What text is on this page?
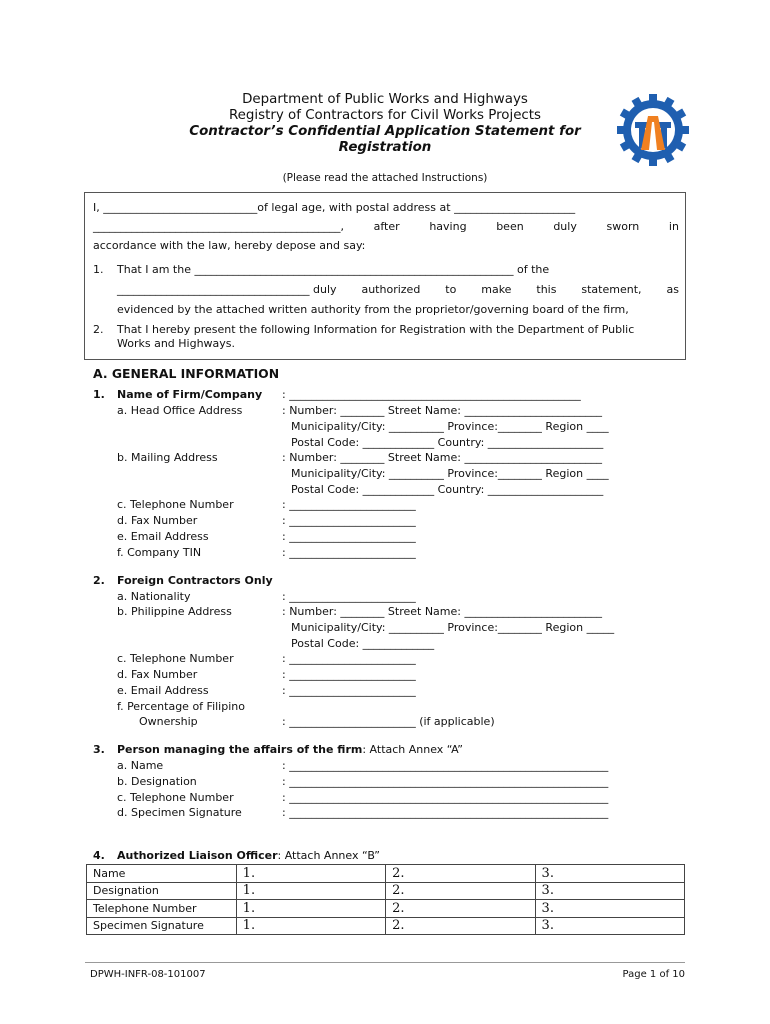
Department of Public Works and Highways
Registry of Contractors for Civil Works Projects
Contractor’s Confidential Application Statement for
Registration
(Please read the attached Instructions)
I, ____________________________of legal age, with postal address at ______________________
_____________________________________________,	after	having	been	duly	sworn	in
accordance with the law, hereby depose and say:
1. That I am the __________________________________________________________ of the
___________________________________ duly authorized to make this statement, as
evidenced by the attached written authority from the proprietor/governing board of the firm,
2. That I hereby present the following Information for Registration with the Department of Public
Works and Highways.
A. GENERAL INFORMATION
1. Name of Firm/Company : _____________________________________________________
a. Head Office Address	: Number: ________ Street Name: _________________________
Municipality/City: __________ Province:________ Region ____
Postal Code: _____________ Country: _____________________
b. Mailing Address	: Number: ________ Street Name: _________________________
Municipality/City: __________ Province:________ Region ____
Postal Code: _____________ Country: _____________________
c. Telephone Number	: _______________________
d. Fax Number	: _______________________
e. Email Address	: _______________________
f. Company TIN	: _______________________
2. Foreign Contractors Only
a. Nationality	: _______________________
b. Philippine Address	: Number: ________ Street Name: _________________________
Municipality/City: __________ Province:________ Region _____
Postal Code: _____________
c. Telephone Number	: _______________________
d. Fax Number	: _______________________
e. Email Address	: _______________________
f. Percentage of Filipino
Ownership	: _______________________ (if applicable)
3. Person managing the affairs of the firm: Attach Annex “A”
a. Name	: __________________________________________________________
b. Designation	: __________________________________________________________
c. Telephone Number	: __________________________________________________________
d. Specimen Signature	: __________________________________________________________
4. Authorized Liaison Officer: Attach Annex “B”
Name	1.	2.	3.
Designation	1.	2.	3.
Telephone Number	1.	2.	3.
Specimen Signature	1.	2.	3.
DPWH-INFR-08-101007	Page 1 of 10
